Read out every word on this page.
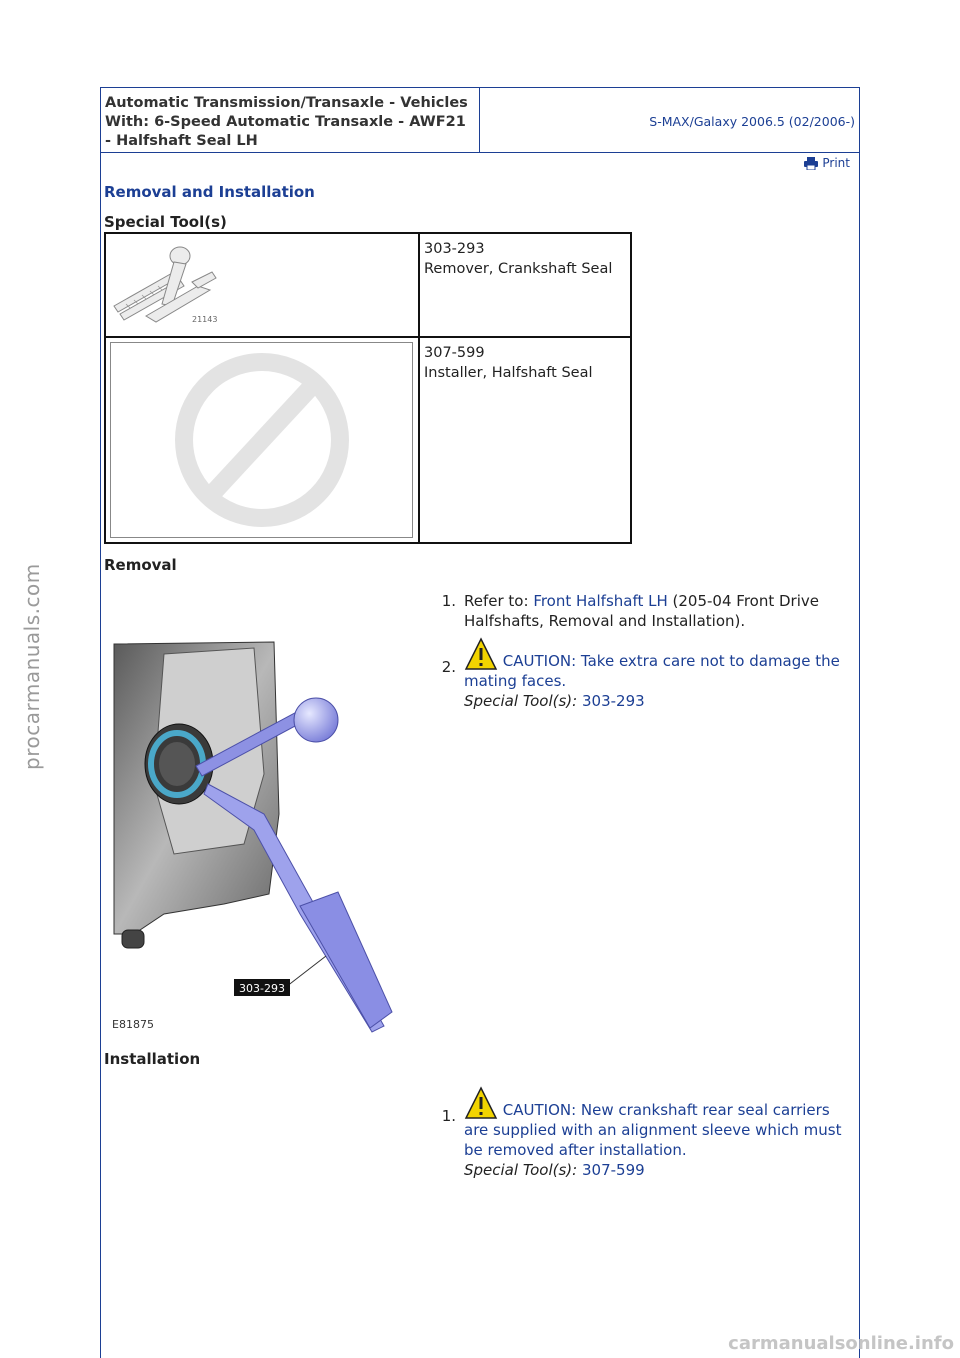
Automatic Transmission/Transaxle - Vehicles With: 6-Speed Automatic Transaxle - AWF21 - Halfshaft Seal LH
S-MAX/Galaxy 2006.5 (02/2006-)
Print
Removal and Installation
Special Tool(s)
21143
303-293
Remover, Crankshaft Seal
307-599
Installer, Halfshaft Seal
Removal
1. Refer to: Front Halfshaft LH (205-04 Front Drive Halfshafts, Removal and Installation).
2.	CAUTION: Take extra care not to damage the mating faces.
Special Tool(s): 303-293
303-293
E81875
Installation
1.	CAUTION: New crankshaft rear seal carriers are supplied with an alignment sleeve which must be removed after installation.
Special Tool(s): 307-599
procarmanuals.com
carmanualsonline.info
